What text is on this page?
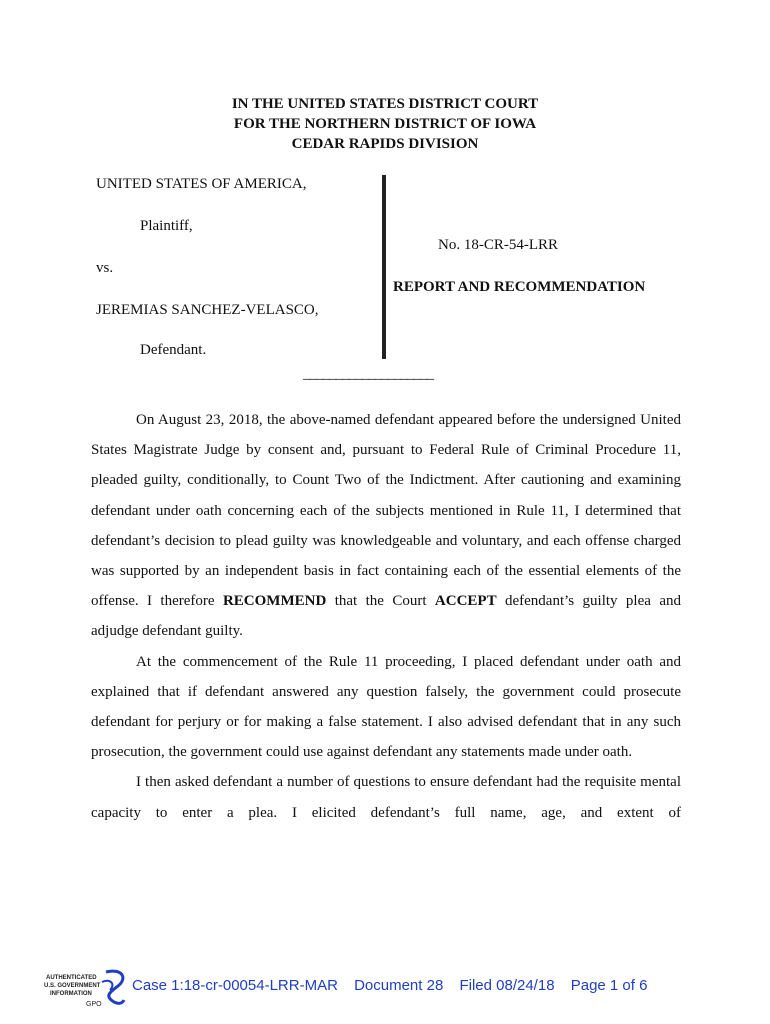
IN THE UNITED STATES DISTRICT COURT
FOR THE NORTHERN DISTRICT OF IOWA
CEDAR RAPIDS DIVISION
UNITED STATES OF AMERICA,
Plaintiff,
vs.
JEREMIAS SANCHEZ-VELASCO,
Defendant.
No. 18-CR-54-LRR
REPORT AND RECOMMENDATION
____________________

On August 23, 2018, the above-named defendant appeared before the undersigned United States Magistrate Judge by consent and, pursuant to Federal Rule of Criminal Procedure 11, pleaded guilty, conditionally, to Count Two of the Indictment. After cautioning and examining defendant under oath concerning each of the subjects mentioned in Rule 11, I determined that defendant’s decision to plead guilty was knowledgeable and voluntary, and each offense charged was supported by an independent basis in fact containing each of the essential elements of the offense. I therefore RECOMMEND that the Court ACCEPT defendant’s guilty plea and adjudge defendant guilty.

At the commencement of the Rule 11 proceeding, I placed defendant under oath and explained that if defendant answered any question falsely, the government could prosecute defendant for perjury or for making a false statement. I also advised defendant that in any such prosecution, the government could use against defendant any statements made under oath.

I then asked defendant a number of questions to ensure defendant had the requisite mental capacity to enter a plea. I elicited defendant’s full name, age, and extent of

AUTHENTICATED
U.S. GOVERNMENT
INFORMATION
GPO
Case 1:18-cr-00054-LRR-MAR Document 28 Filed 08/24/18 Page 1 of 6
